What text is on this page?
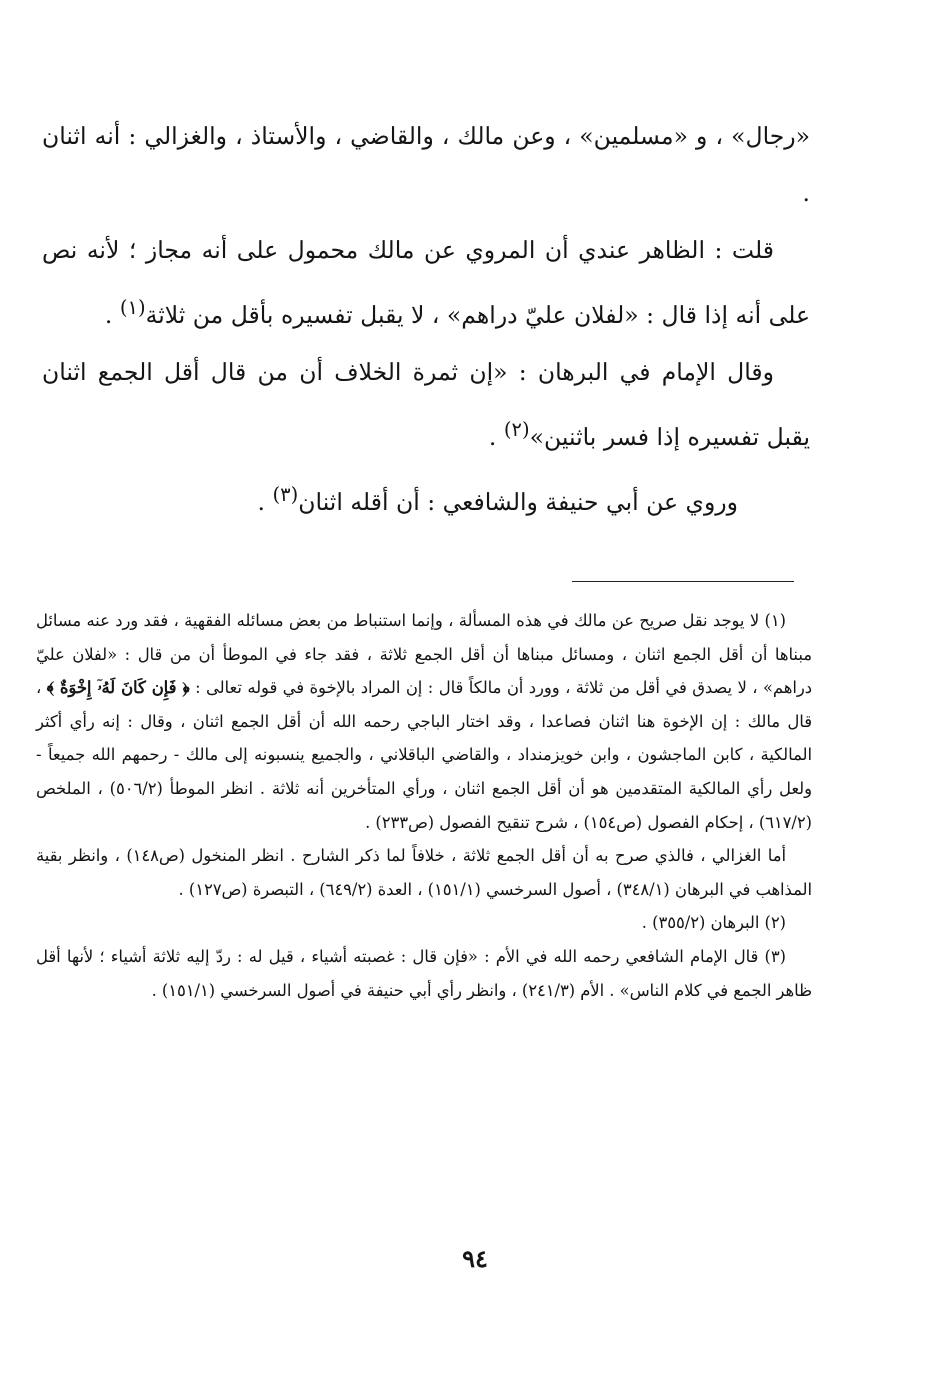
«رجال» ، و «مسلمين» ، وعن مالك ، والقاضي ، والأستاذ ، والغزالي : أنه اثنان .

قلت : الظاهر عندي أن المروي عن مالك محمول على أنه مجاز ؛ لأنه نص على أنه إذا قال : «لفلان عليّ دراهم» ، لا يقبل تفسيره بأقل من ثلاثة$^{(١)}$ .

وقال الإمام في البرهان : «إن ثمرة الخلاف أن من قال أقل الجمع اثنان يقبل تفسيره إذا فسر باثنين»$^{(٢)}$ .

وروي عن أبي حنيفة والشافعي : أن أقله اثنان$^{(٣)}$ .

(١) لا يوجد نقل صريح عن مالك في هذه المسألة ، وإنما استنباط من بعض مسائله الفقهية ، فقد ورد عنه مسائل مبناها أن أقل الجمع اثنان ، ومسائل مبناها أن أقل الجمع ثلاثة ، فقد جاء في الموطأ أن من قال : «لفلان عليّ دراهم» ، لا يصدق في أقل من ثلاثة ، وورد أن مالكاً قال : إن المراد بالإخوة في قوله تعالى : ﴿ فَإِن كَانَ لَهُۥٓ إِخْوَةٌ ﴾ ، قال مالك : إن الإخوة هنا اثنان فصاعدا ، وقد اختار الباجي رحمه الله أن أقل الجمع اثنان ، وقال : إنه رأي أكثر المالكية ، كابن الماجشون ، وابن خويزمنداد ، والقاضي الباقلاني ، والجميع ينسبونه إلى مالك - رحمهم الله جميعاً - ولعل رأي المالكية المتقدمين هو أن أقل الجمع اثنان ، ورأي المتأخرين أنه ثلاثة . انظر الموطأ (٥٠٦/٢) ، الملخص (٦١٧/٢) ، إحكام الفصول (ص١٥٤) ، شرح تنقيح الفصول (ص٢٣٣) .

أما الغزالي ، فالذي صرح به أن أقل الجمع ثلاثة ، خلافاً لما ذكر الشارح . انظر المنخول (ص١٤٨) ، وانظر بقية المذاهب في البرهان (٣٤٨/١) ، أصول السرخسي (١٥١/١) ، العدة (٦٤٩/٢) ، التبصرة (ص١٢٧) .

(٢) البرهان (٣٥٥/٢) .

(٣) قال الإمام الشافعي رحمه الله في الأم : «فإن قال : غصبته أشياء ، قيل له : ردّ إليه ثلاثة أشياء ؛ لأنها أقل ظاهر الجمع في كلام الناس» . الأم (٢٤١/٣) ، وانظر رأي أبي حنيفة في أصول السرخسي (١٥١/١) .

٩٤
